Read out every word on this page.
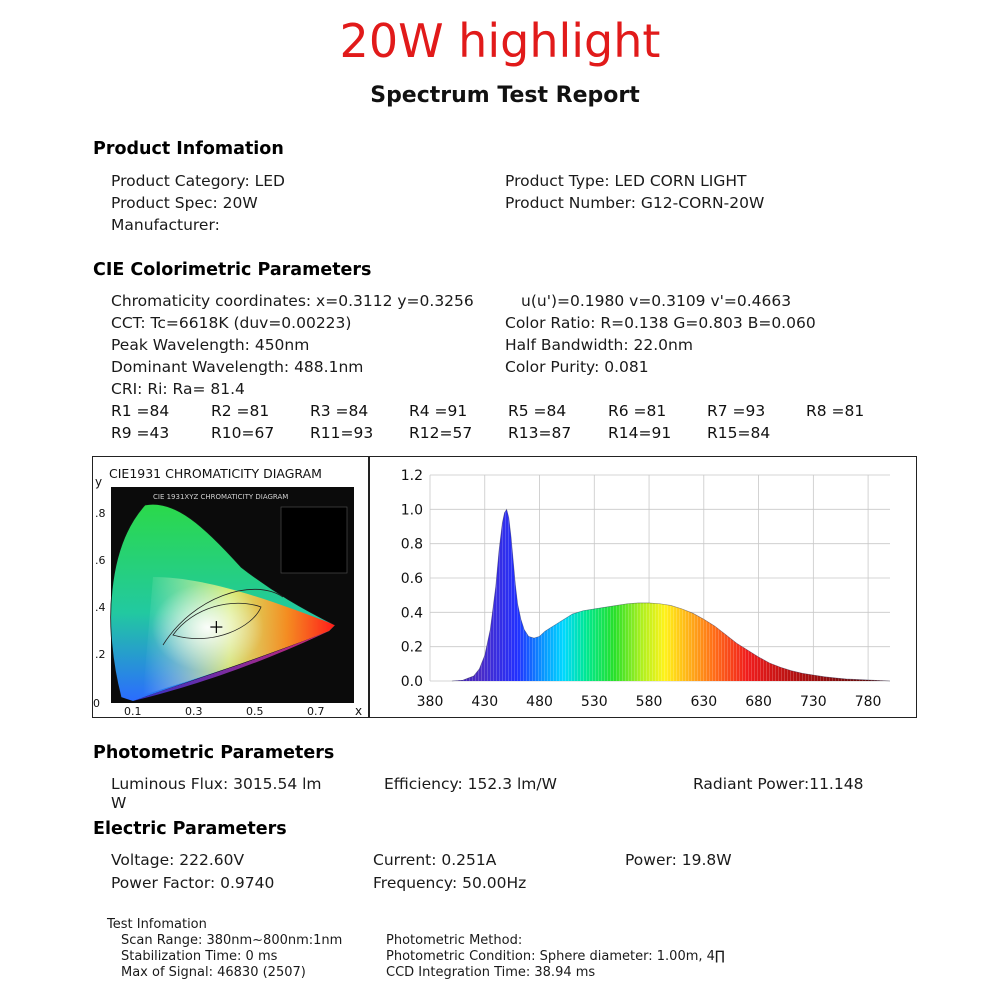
20W highlight
Spectrum Test Report
Product Infomation
Product Category: LED	Product Type: LED CORN LIGHT
Product Spec: 20W	Product Number: G12-CORN-20W
Manufacturer:
CIE Colorimetric Parameters
Chromaticity coordinates: x=0.3112 y=0.3256	u(u')=0.1980 v=0.3109 v'=0.4663
CCT: Tc=6618K (duv=0.00223)	Color Ratio: R=0.138 G=0.803 B=0.060
Peak Wavelength: 450nm	Half Bandwidth: 22.0nm
Dominant Wavelength: 488.1nm	Color Purity: 0.081
CRI: Ri: Ra= 81.4
R1 =84	R2 =81	R3 =84	R4 =91	R5 =84	R6 =81	R7 =93	R8 =81
R9 =43	R10=67 R11=93 R12=57 R13=87 R14=91 R15=84
CIE1931 CHROMATICITY DIAGRAM
y
x
CIE 1931XYZ CHROMATICITY DIAGRAM
0
0.1	0.3	0.5	0.7
.8
.6
.4
.2
0.0
0.2
0.4
0.6
0.8
1.0
1.2
380 430 480 530 580 630 680 730 780
Photometric Parameters
Luminous Flux: 3015.54 lm
W
Efficiency: 152.3 lm/W	Radiant Power:11.148
Electric Parameters
Voltage: 222.60V	Current: 0.251A	Power: 19.8W
Power Factor: 0.9740	Frequency: 50.00Hz
Test Infomation
Scan Range: 380nm~800nm:1nm
Stabilization Time: 0 ms
Max of Signal: 46830 (2507)
Photometric Method:
Photometric Condition: Sphere diameter: 1.00m, 4∏
CCD Integration Time: 38.94 ms
